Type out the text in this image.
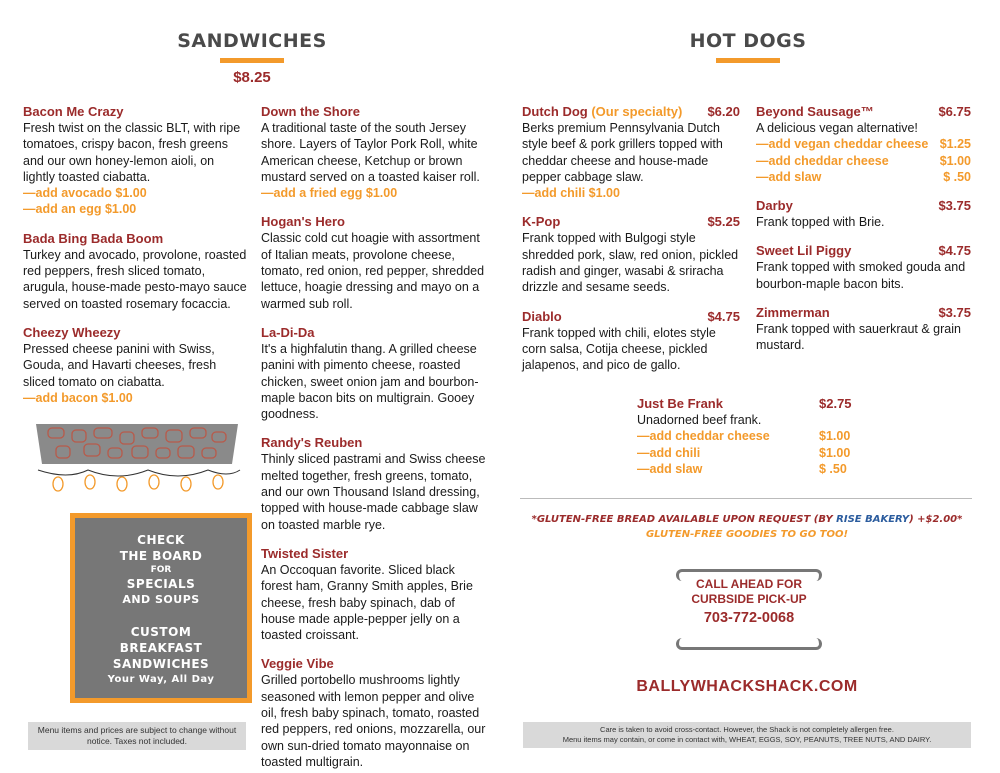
SANDWICHES
$8.25
Bacon Me Crazy
Fresh twist on the classic BLT, with ripe tomatoes, crispy bacon, fresh greens and our own honey-lemon aioli, on lightly toasted ciabatta.
—add avocado $1.00
—add an egg $1.00
Bada Bing Bada Boom
Turkey and avocado, provolone, roasted red peppers, fresh sliced tomato, arugula, house-made pesto-mayo sauce served on toasted rosemary focaccia.
Cheezy Wheezy
Pressed cheese panini with Swiss, Gouda, and Havarti cheeses, fresh sliced tomato on ciabatta.
—add bacon $1.00
CHECK
THE BOARD
FOR
SPECIALS
AND SOUPS
CUSTOM
BREAKFAST
SANDWICHES
Your Way, All Day
Menu items and prices are subject to change without notice. Taxes not included.
Down the Shore
A traditional taste of the south Jersey shore. Layers of Taylor Pork Roll, white American cheese, Ketchup or brown mustard served on a toasted kaiser roll.
—add a fried egg $1.00
Hogan's Hero
Classic cold cut hoagie with assortment of Italian meats, provolone cheese, tomato, red onion, red pepper, shredded lettuce, hoagie dressing and mayo on a warmed sub roll.
La-Di-Da
It's a highfalutin thang. A grilled cheese panini with pimento cheese, roasted chicken, sweet onion jam and bourbon-maple bacon bits on multigrain. Gooey goodness.
Randy's Reuben
Thinly sliced pastrami and Swiss cheese melted together, fresh greens, tomato, and our own Thousand Island dressing, topped with house-made cabbage slaw on toasted marble rye.
Twisted Sister
An Occoquan favorite. Sliced black forest ham, Granny Smith apples, Brie cheese, fresh baby spinach, dab of house made apple-pepper jelly on a toasted croissant.
Veggie Vibe
Grilled portobello mushrooms lightly seasoned with lemon pepper and olive oil, fresh baby spinach, tomato, roasted red peppers, red onions, mozzarella, our own sun-dried tomato mayonnaise on toasted multigrain.
HOT DOGS
Dutch Dog (Our specialty) $6.20
Berks premium Pennsylvania Dutch style beef & pork grillers topped with cheddar cheese and house-made pepper cabbage slaw.
—add chili $1.00
K-Pop	$5.25
Frank topped with Bulgogi style shredded pork, slaw, red onion, pickled radish and ginger, wasabi & sriracha drizzle and sesame seeds.
Diablo	$4.75
Frank topped with chili, elotes style corn salsa, Cotija cheese, pickled jalapenos, and pico de gallo.
Beyond Sausage™	$6.75
A delicious vegan alternative!
—add vegan cheddar cheese $1.25
—add cheddar cheese	$1.00
—add slaw	$ .50
Darby	$3.75
Frank topped with Brie.
Sweet Lil Piggy	$4.75
Frank topped with smoked gouda and bourbon-maple bacon bits.
Zimmerman	$3.75
Frank topped with sauerkraut & grain mustard.
Just Be Frank	$2.75
Unadorned beef frank.
—add cheddar cheese	$1.00
—add chili	$1.00
—add slaw	$ .50
*GLUTEN-FREE BREAD AVAILABLE UPON REQUEST (BY RISE BAKERY) +$2.00*
GLUTEN-FREE GOODIES TO GO TOO!
CALL AHEAD FOR
CURBSIDE PICK-UP
703-772-0068
BALLYWHACKSHACK.COM
Care is taken to avoid cross-contact. However, the Shack is not completely allergen free.
Menu items may contain, or come in contact with, WHEAT, EGGS, SOY, PEANUTS, TREE NUTS, AND DAIRY.
